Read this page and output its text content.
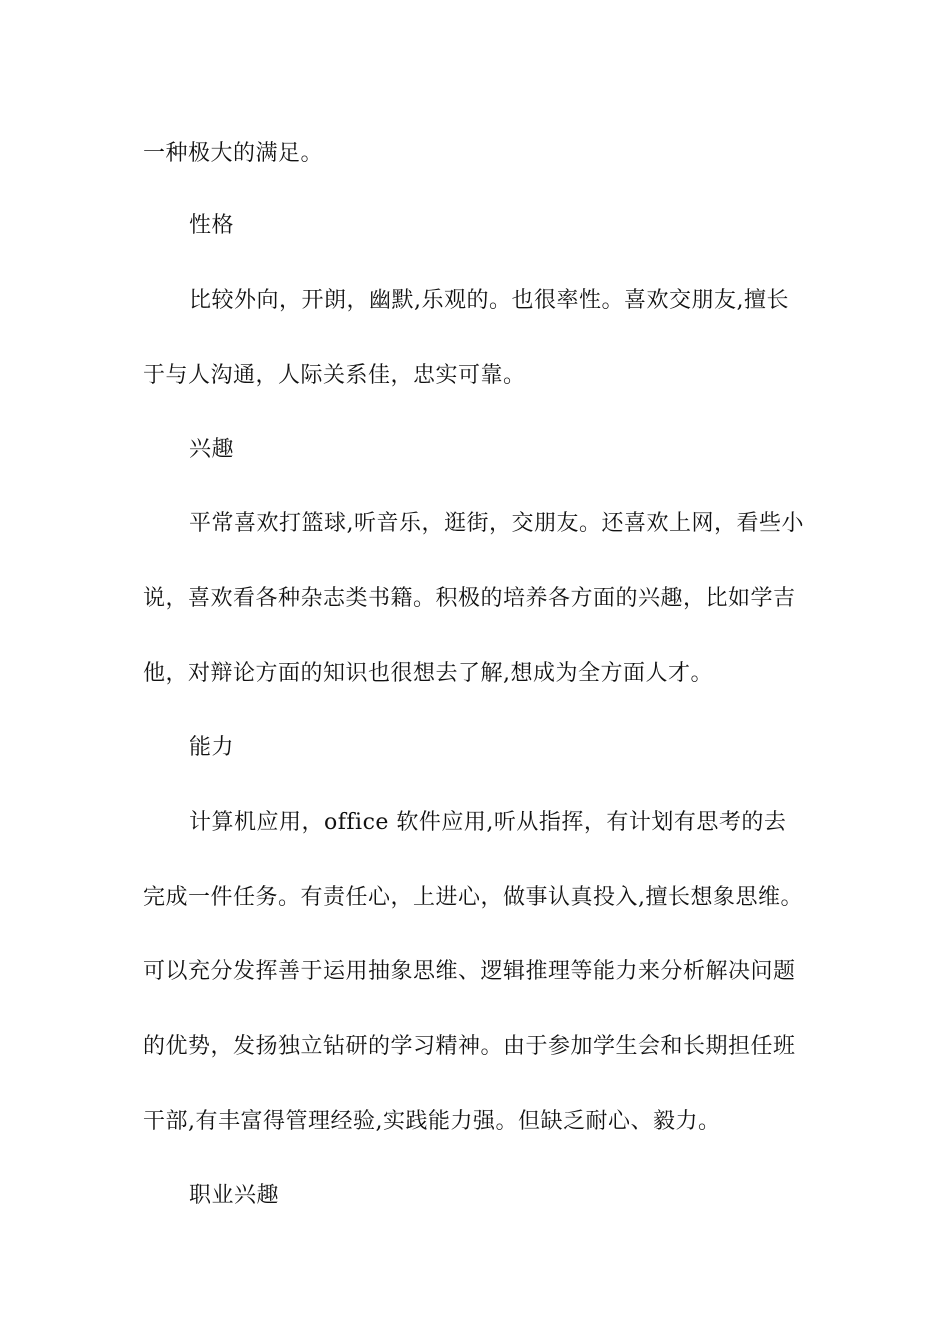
一种极大的满足。
性格
比较外向，开朗，幽默,乐观的。也很率性。喜欢交朋友,擅长
于与人沟通，人际关系佳，忠实可靠。
兴趣
平常喜欢打篮球,听音乐，逛街，交朋友。还喜欢上网，看些小
说，喜欢看各种杂志类书籍。积极的培养各方面的兴趣，比如学吉
他，对辩论方面的知识也很想去了解,想成为全方面人才。
能力
计算机应用，office 软件应用,听从指挥，有计划有思考的去
完成一件任务。有责任心，上进心，做事认真投入,擅长想象思维。
可以充分发挥善于运用抽象思维、逻辑推理等能力来分析解决问题
的优势，发扬独立钻研的学习精神。由于参加学生会和长期担任班
干部,有丰富得管理经验,实践能力强。但缺乏耐心、毅力。
职业兴趣
